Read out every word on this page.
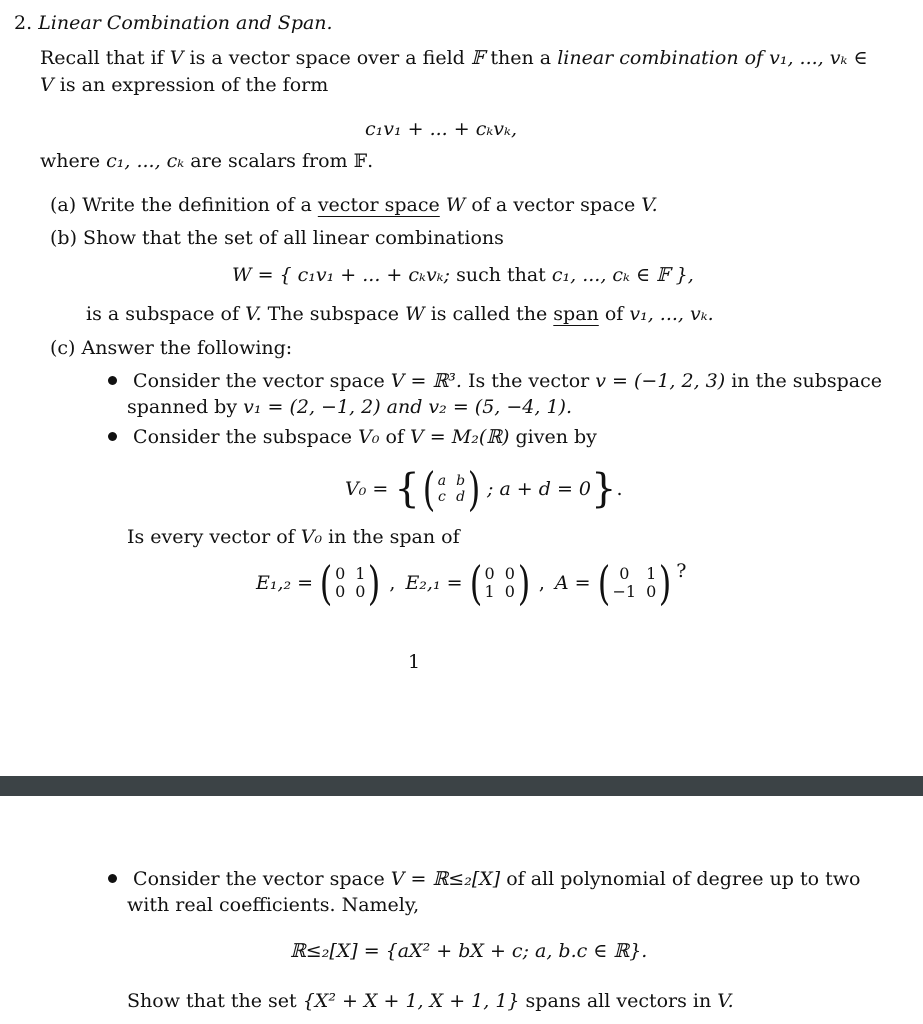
2. Linear Combination and Span.
Recall that if V is a vector space over a field 𝔽 then a linear combination of v₁, ..., vₖ ∈
V is an expression of the form
c₁v₁ + ... + cₖvₖ,
where c₁, ..., cₖ are scalars from 𝔽.
(a) Write the definition of a vector space W of a vector space V.
(b) Show that the set of all linear combinations
W = { c₁v₁ + ... + cₖvₖ; such that c₁, ..., cₖ ∈ 𝔽 },
is a subspace of V. The subspace W is called the span of v₁, ..., vₖ.
(c) Answer the following:
Consider the vector space V = ℝ³. Is the vector v = (−1, 2, 3) in the subspace
spanned by v₁ = (2, −1, 2) and v₂ = (5, −4, 1).
Consider the subspace V₀ of V = M₂(ℝ) given by
V₀ = { ( a b
c d ) ; a + d = 0 } .
Is every vector of V₀ in the span of
E₁,₂ = ( 0 1
0 0 ) , E₂,₁ = ( 0 0
1 0 ) , A = ( 0	1
−1 0 ) ?
1
Consider the vector space V = ℝ≤₂[X] of all polynomial of degree up to two
with real coefficients. Namely,
ℝ≤₂[X] = {aX² + bX + c; a, b.c ∈ ℝ}.
Show that the set {X² + X + 1, X + 1, 1} spans all vectors in V.
